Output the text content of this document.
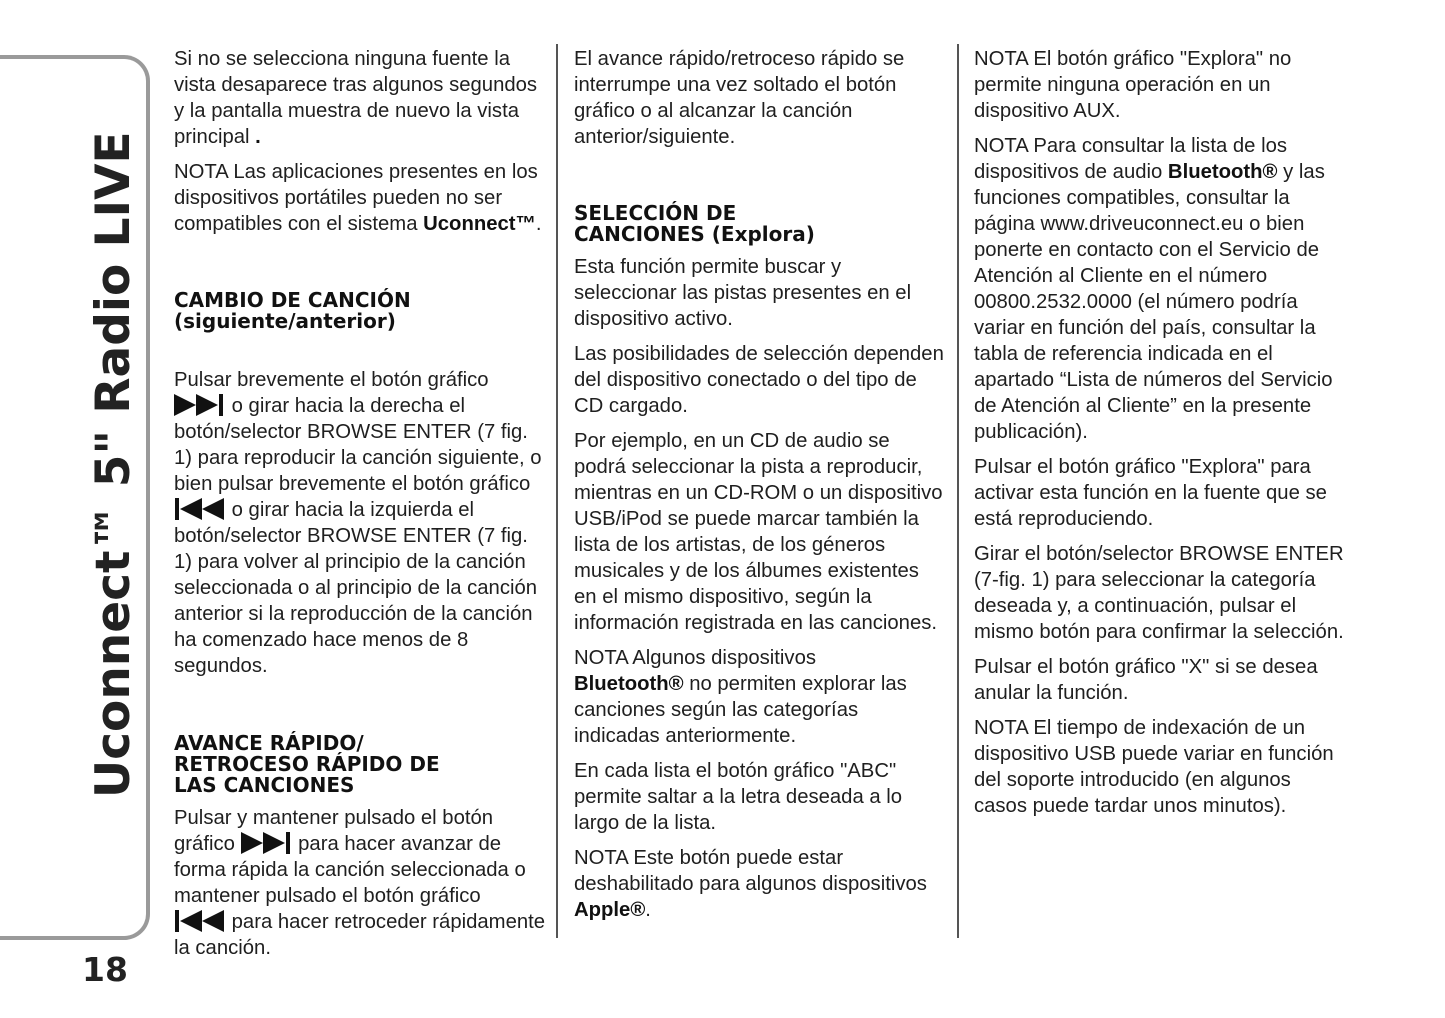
Uconnect™ 5" Radio LIVE
18

Si no se selecciona ninguna fuente la vista desaparece tras algunos segundos y la pantalla muestra de nuevo la vista principal .

NOTA Las aplicaciones presentes en los dispositivos portátiles pueden no ser compatibles con el sistema Uconnect™.

CAMBIO DE CANCIÓN
(siguiente/anterior)

Pulsar brevemente el botón gráfico
o girar hacia la derecha el botón/selector BROWSE ENTER (7 fig. 1) para reproducir la canción siguiente, o bien pulsar brevemente el botón gráfico  o girar hacia la izquierda el botón/selector BROWSE ENTER (7 fig. 1) para volver al principio de la canción seleccionada o al principio de la canción anterior si la reproducción de la canción ha comenzado hace menos de 8 segundos.

AVANCE RÁPIDO/
RETROCESO RÁPIDO DE
LAS CANCIONES

Pulsar y mantener pulsado el botón gráfico	para hacer avanzar de forma rápida la canción seleccionada o mantener pulsado el botón gráfico
para hacer retroceder rápidamente la canción.

El avance rápido/retroceso rápido se interrumpe una vez soltado el botón gráfico o al alcanzar la canción anterior/siguiente.

SELECCIÓN DE
CANCIONES (Explora)

Esta función permite buscar y seleccionar las pistas presentes en el dispositivo activo.

Las posibilidades de selección dependen del dispositivo conectado o del tipo de CD cargado.

Por ejemplo, en un CD de audio se podrá seleccionar la pista a reproducir, mientras en un CD-ROM o un dispositivo USB/iPod se puede marcar también la lista de los artistas, de los géneros musicales y de los álbumes existentes en el mismo dispositivo, según la información registrada en las canciones.

NOTA Algunos dispositivos
Bluetooth® no permiten explorar las canciones según las categorías indicadas anteriormente.

En cada lista el botón gráfico "ABC" permite saltar a la letra deseada a lo largo de la lista.

NOTA Este botón puede estar deshabilitado para algunos dispositivos Apple®.

NOTA El botón gráfico "Explora" no permite ninguna operación en un dispositivo AUX.

NOTA Para consultar la lista de los dispositivos de audio Bluetooth® y las funciones compatibles, consultar la página www.driveuconnect.eu o bien ponerte en contacto con el Servicio de Atención al Cliente en el número 00800.2532.0000 (el número podría variar en función del país, consultar la tabla de referencia indicada en el apartado “Lista de números del Servicio de Atención al Cliente” en la presente publicación).

Pulsar el botón gráfico "Explora" para activar esta función en la fuente que se está reproduciendo.

Girar el botón/selector BROWSE ENTER (7-fig. 1) para seleccionar la categoría deseada y, a continuación, pulsar el mismo botón para confirmar la selección.

Pulsar el botón gráfico "X" si se desea anular la función.

NOTA El tiempo de indexación de un dispositivo USB puede variar en función del soporte introducido (en algunos casos puede tardar unos minutos).
